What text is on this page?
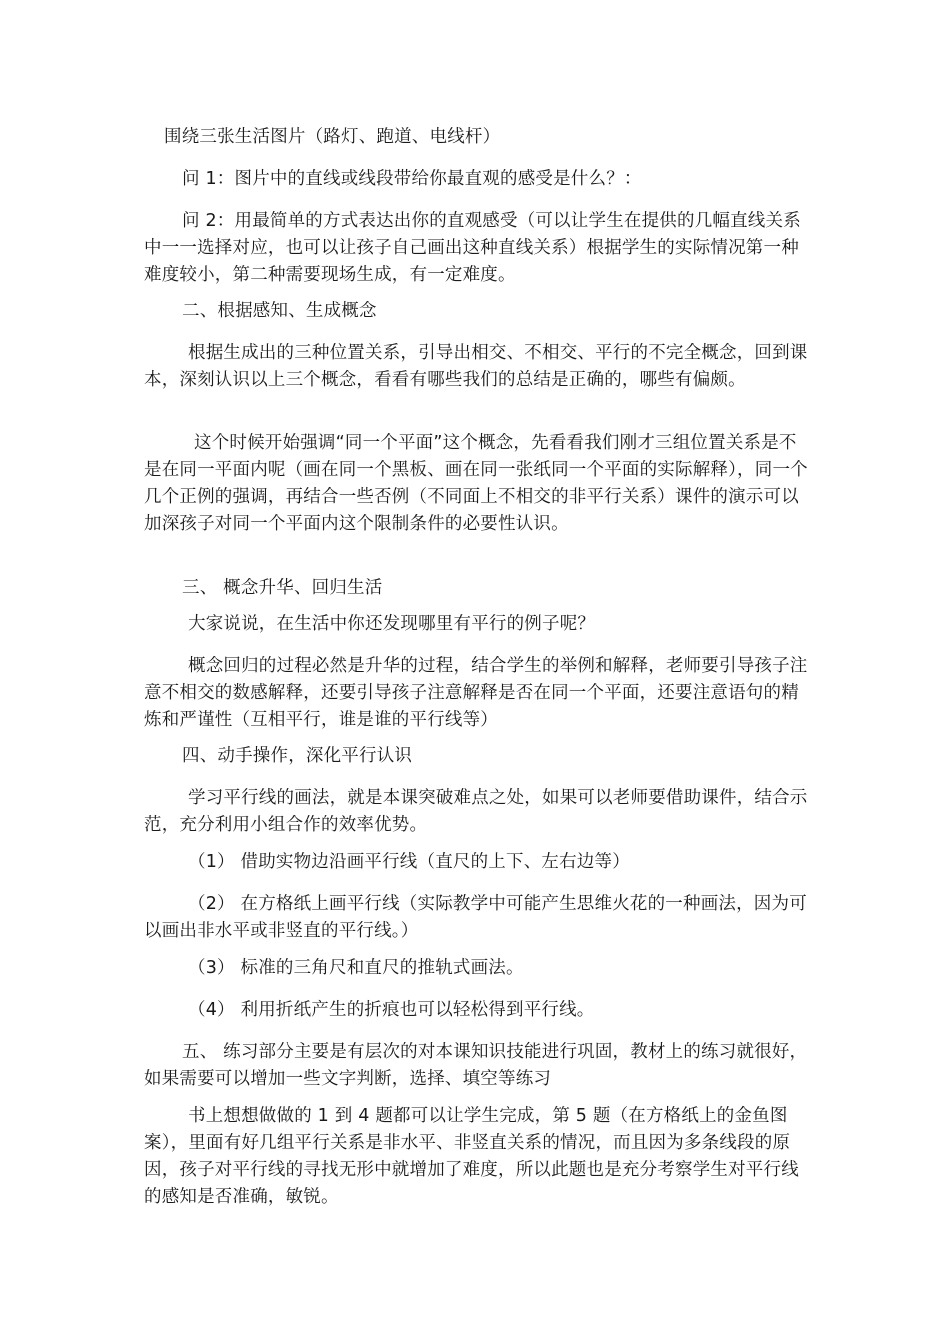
围绕三张生活图片（路灯、跑道、电线杆）

问 1：图片中的直线或线段带给你最直观的感受是什么？：

问 2：用最简单的方式表达出你的直观感受（可以让学生在提供的几幅直线关系中一一选择对应，也可以让孩子自己画出这种直线关系）根据学生的实际情况第一种难度较小，第二种需要现场生成，有一定难度。

二、根据感知、生成概念

根据生成出的三种位置关系，引导出相交、不相交、平行的不完全概念，回到课本，深刻认识以上三个概念，看看有哪些我们的总结是正确的，哪些有偏颇。

这个时候开始强调“同一个平面”这个概念，先看看我们刚才三组位置关系是不是在同一平面内呢（画在同一个黑板、画在同一张纸同一个平面的实际解释），同一个几个正例的强调，再结合一些否例（不同面上不相交的非平行关系）课件的演示可以加深孩子对同一个平面内这个限制条件的必要性认识。

三、 概念升华、回归生活

大家说说，在生活中你还发现哪里有平行的例子呢？

概念回归的过程必然是升华的过程，结合学生的举例和解释，老师要引导孩子注意不相交的数感解释，还要引导孩子注意解释是否在同一个平面，还要注意语句的精炼和严谨性（互相平行，谁是谁的平行线等）

四、动手操作，深化平行认识

学习平行线的画法，就是本课突破难点之处，如果可以老师要借助课件，结合示范，充分利用小组合作的效率优势。

（1） 借助实物边沿画平行线（直尺的上下、左右边等）

（2） 在方格纸上画平行线（实际教学中可能产生思维火花的一种画法，因为可以画出非水平或非竖直的平行线。）

（3） 标准的三角尺和直尺的推轨式画法。

（4） 利用折纸产生的折痕也可以轻松得到平行线。

五、 练习部分主要是有层次的对本课知识技能进行巩固，教材上的练习就很好，如果需要可以增加一些文字判断，选择、填空等练习

书上想想做做的 1 到 4 题都可以让学生完成，第 5 题（在方格纸上的金鱼图案），里面有好几组平行关系是非水平、非竖直关系的情况，而且因为多条线段的原因，孩子对平行线的寻找无形中就增加了难度，所以此题也是充分考察学生对平行线的感知是否准确，敏锐。
